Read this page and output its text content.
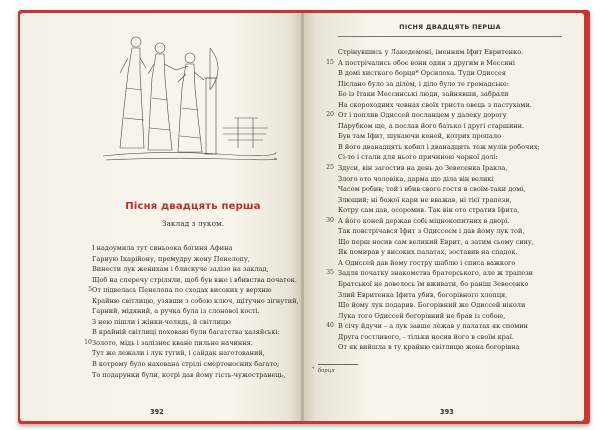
Пісня двадцять перша
Заклад з луком.
І надоумила тут синьоока богиня Афина
Гарную Ікарійону, премудру жону Пенелопу,
Винести лук женихам і блискуче залізо на заклад,
Щоб на сперечу стріляли, щоб був вже і вбивства початок.
5 От підвелась Пенелопа по сходах високих у верхню
Крайню світлицю, узявши з собою ключ, щітучно зігнутий,
Гарний, мідяний, а ручка була із слонової кості.
З нею пішли і жінки-челядь, й світлицю
В крайній світлиці поховані були багатства хазяйські:
10 Золото, мідь і залізнеє кване пильне начиння.
Тут же лежали і лук тугий, і сайдак наготований,
В котрому було нахована стрілі смертоносних багато;
То подарунки були, котрі дав йому гість-чужостранець,
392
ПІСНЯ ДВАДЦЯТЬ ПЕРША
Стрінувшись у Лакедемоні, іменням Іфит Евритенко.
15 А пострічались обоє вони один з другим в Мессині
В домі хисткого борця* Орсилоха. Туди Одиссея
Післано було за ділом, і діло було те громадське:
Бо із Ітаки Мессинські люди, зайнявши, забрали
На скороходних човнах своїх триста овець з пастухами.
20 От і поплив Одиссей посланцем у далеку дорогу
Парубком ще, а послав його батько і другі старшини.
Був там Іфит, шукаючи коней, котрих пропало
В його дванадцять кобил і дванадцять теж мулів робочих;
Сі-то і стали для нього причиною чорної долі:
25 Здуси, він загостив на день до Зевесенка Іракла,
Злого ото чоловіка, дарма що діла він великі
Часом робив; той і вбив свого гостя в своїм-таки домі,
Злющий; ні божої кари не вважав, ні тієї трапези,
Котру сам дав, осоромив. Так він ото стратив Іфита,
30 А його коней держав собі міцнокопитних в дворі.
Так повстрічався Іфит з Одиссеєм і дав йому лук той,
Що перш носив сам великий Еврит, а затим сьому сину,
Як помирав у високих палатах, зоставив на спадок.
А Одиссей дав йому гостру шаблю і списа важкого
35 Задля початку знакомства братерського, але ж трапези
Братської не довелось їм вживати, бо раніш Зевесенко
Злий Евритенка Іфита убив, богорівного хлопця,
Що йому лук подарив. Богорівний же Одиссей ніколи
Лука того Одиссей богорівний не брав із собою,
40 В січу йдучи – а лук завше лежав у палатах як спомин
Друга гостливого, - тільки носив його в своїм краї.
От як вийшла в ту крайню світлицю жона богорівна
* борця
393
